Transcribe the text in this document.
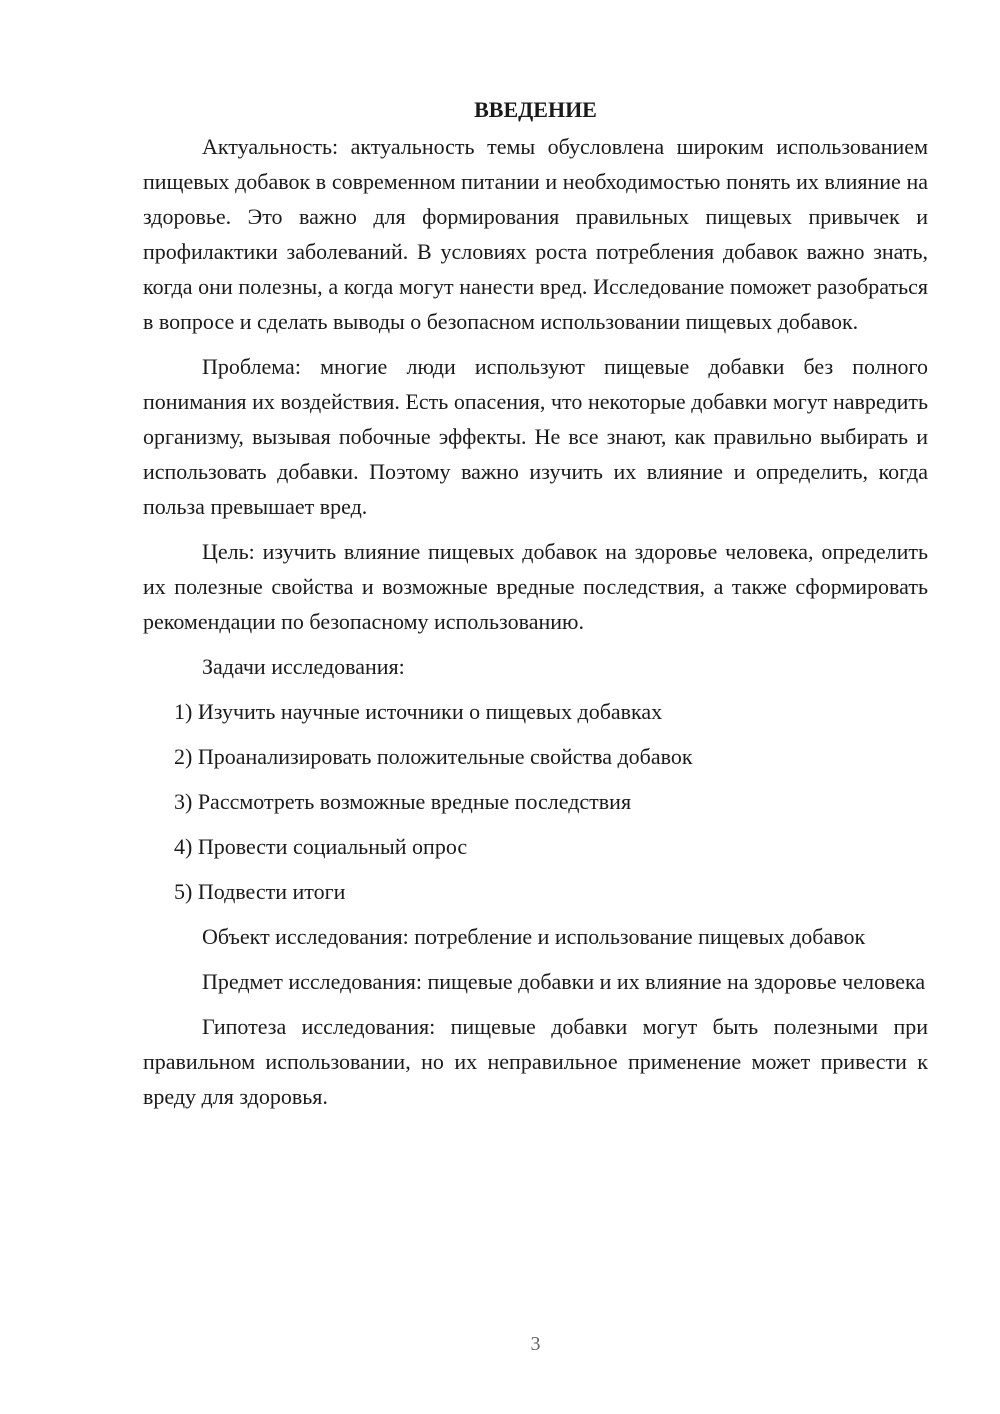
ВВЕДЕНИЕ

Актуальность: актуальность темы обусловлена широким использованием пищевых добавок в современном питании и необходимостью понять их влияние на здоровье. Это важно для формирования правильных пищевых привычек и профилактики заболеваний. В условиях роста потребления добавок важно знать, когда они полезны, а когда могут нанести вред. Исследование поможет разобраться в вопросе и сделать выводы о безопасном использовании пищевых добавок.

Проблема: многие люди используют пищевые добавки без полного понимания их воздействия. Есть опасения, что некоторые добавки могут навредить организму, вызывая побочные эффекты. Не все знают, как правильно выбирать и использовать добавки. Поэтому важно изучить их влияние и определить, когда польза превышает вред.

Цель: изучить влияние пищевых добавок на здоровье человека, определить их полезные свойства и возможные вредные последствия, а также сформировать рекомендации по безопасному использованию.

Задачи исследования:

1) Изучить научные источники о пищевых добавках
2) Проанализировать положительные свойства добавок
3) Рассмотреть возможные вредные последствия
4) Провести социальный опрос
5) Подвести итоги

Объект исследования: потребление и использование пищевых добавок

Предмет исследования: пищевые добавки и их влияние на здоровье человека

Гипотеза исследования: пищевые добавки могут быть полезными при правильном использовании, но их неправильное применение может привести к вреду для здоровья.

3
